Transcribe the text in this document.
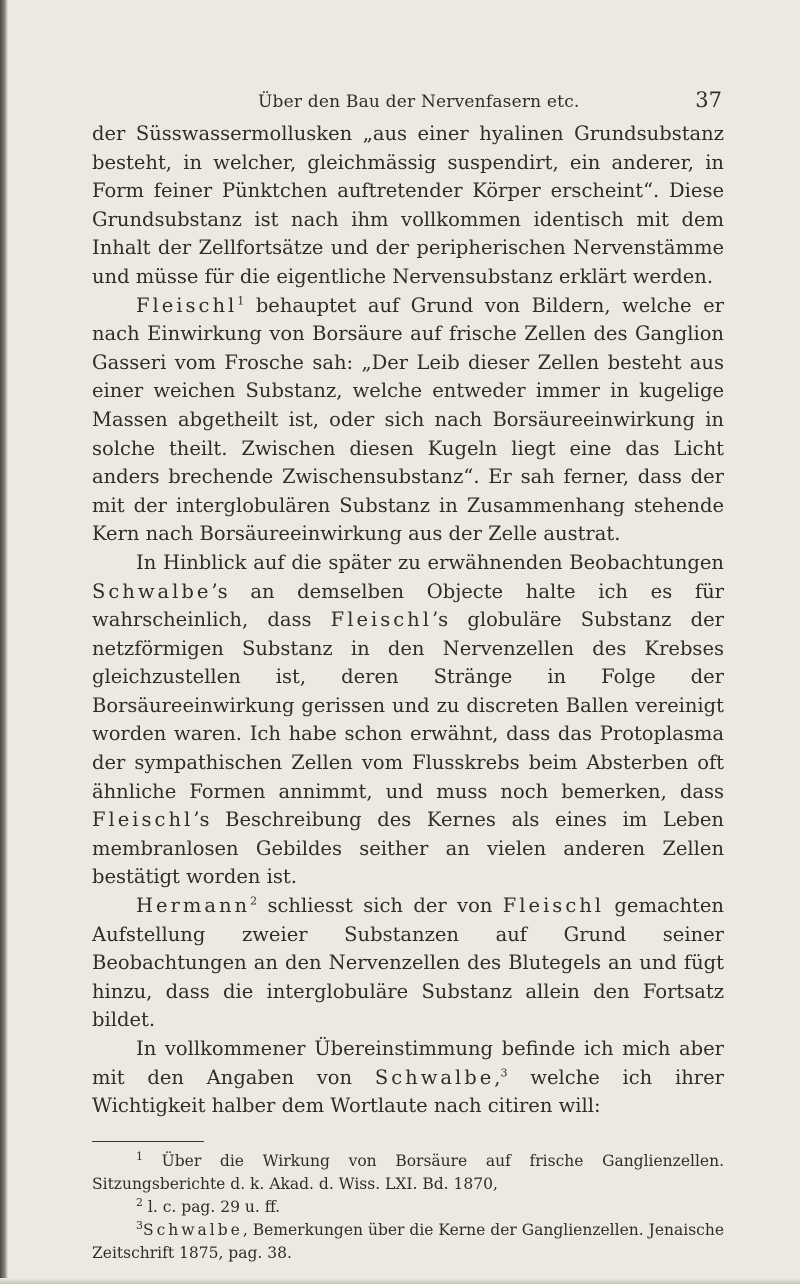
Über den Bau der Nervenfasern etc.	37

der Süsswassermollusken „aus einer hyalinen Grundsubstanz besteht, in welcher, gleichmässig suspendirt, ein anderer, in Form feiner Pünktchen auftretender Körper erscheint“. Diese Grundsubstanz ist nach ihm vollkommen identisch mit dem Inhalt der Zellfortsätze und der peripherischen Nervenstämme und müsse für die eigentliche Nervensubstanz erklärt werden.

Fleischl$^1$ behauptet auf Grund von Bildern, welche er nach Einwirkung von Borsäure auf frische Zellen des Ganglion Gasseri vom Frosche sah: „Der Leib dieser Zellen besteht aus einer weichen Substanz, welche entweder immer in kugelige Massen abgetheilt ist, oder sich nach Borsäureeinwirkung in solche theilt. Zwischen diesen Kugeln liegt eine das Licht anders brechende Zwischensubstanz“. Er sah ferner, dass der mit der interglobulären Substanz in Zusammenhang stehende Kern nach Borsäureeinwirkung aus der Zelle austrat.

In Hinblick auf die später zu erwähnenden Beobachtungen Schwalbe’s an demselben Objecte halte ich es für wahrscheinlich, dass Fleischl’s globuläre Substanz der netzförmigen Substanz in den Nervenzellen des Krebses gleichzustellen ist, deren Stränge in Folge der Borsäureeinwirkung gerissen und zu discreten Ballen vereinigt worden waren. Ich habe schon erwähnt, dass das Protoplasma der sympathischen Zellen vom Flusskrebs beim Absterben oft ähnliche Formen annimmt, und muss noch bemerken, dass Fleischl’s Beschreibung des Kernes als eines im Leben membranlosen Gebildes seither an vielen anderen Zellen bestätigt worden ist.

Hermann$^2$ schliesst sich der von Fleischl gemachten Aufstellung zweier Substanzen auf Grund seiner Beobachtungen an den Nervenzellen des Blutegels an und fügt hinzu, dass die interglobuläre Substanz allein den Fortsatz bildet.

In vollkommener Übereinstimmung befinde ich mich aber mit den Angaben von Schwalbe,$^3$ welche ich ihrer Wichtigkeit halber dem Wortlaute nach citiren will:

$^1$ Über die Wirkung von Borsäure auf frische Ganglienzellen. Sitzungsberichte d. k. Akad. d. Wiss. LXI. Bd. 1870,

$^2$ l. c. pag. 29 u. ff.

$^3$Schwalbe, Bemerkungen über die Kerne der Ganglienzellen. Jenaische Zeitschrift 1875, pag. 38.
